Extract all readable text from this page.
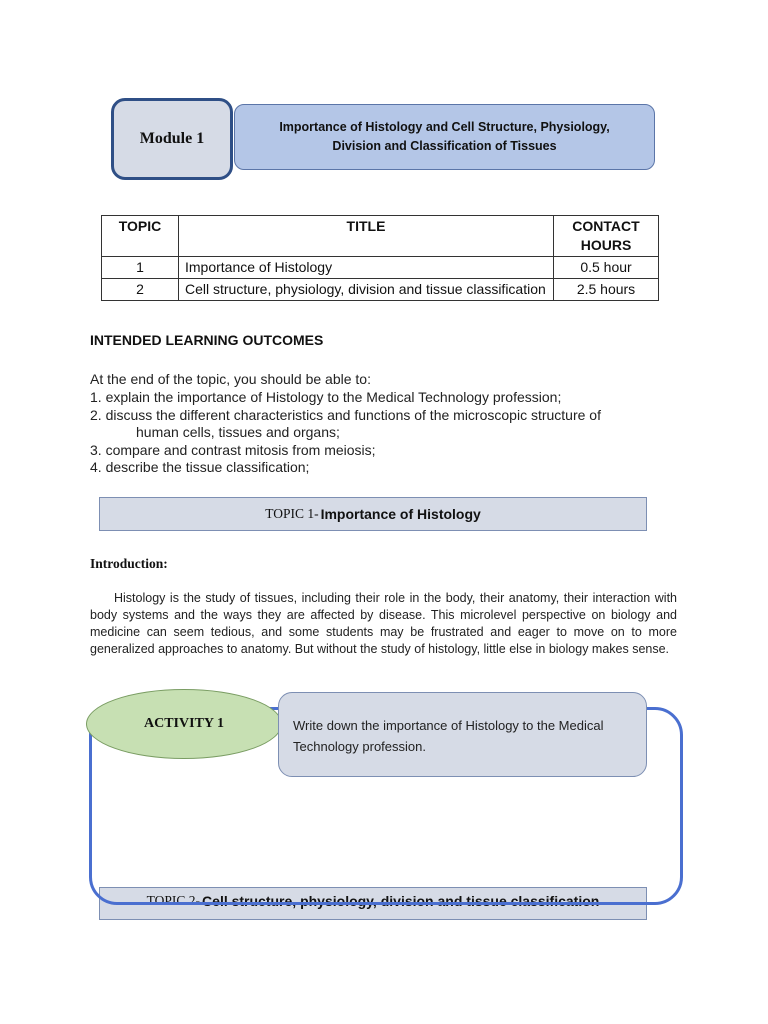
Module 1
Importance of Histology and Cell Structure, Physiology, Division and Classification of Tissues
TOPIC	TITLE	CONTACT HOURS
1	Importance of Histology	0.5 hour
2	Cell structure, physiology, division and tissue classification	2.5 hours
INTENDED LEARNING OUTCOMES
At the end of the topic, you should be able to:
1. explain the importance of Histology to the Medical Technology profession;
2. discuss the different characteristics and functions of the microscopic structure of
human cells, tissues and organs;
3. compare and contrast mitosis from meiosis;
4. describe the tissue classification;
TOPIC 1- Importance of Histology
Introduction:
Histology is the study of tissues, including their role in the body, their anatomy, their interaction with body systems and the ways they are affected by disease. This microlevel perspective on biology and medicine can seem tedious, and some students may be frustrated and eager to move on to more generalized approaches to anatomy. But without the study of histology, little else in biology makes sense.
TOPIC 2- Cell structure, physiology, division and tissue classification
ACTIVITY 1	Write down the importance of Histology to the Medical Technology profession.
